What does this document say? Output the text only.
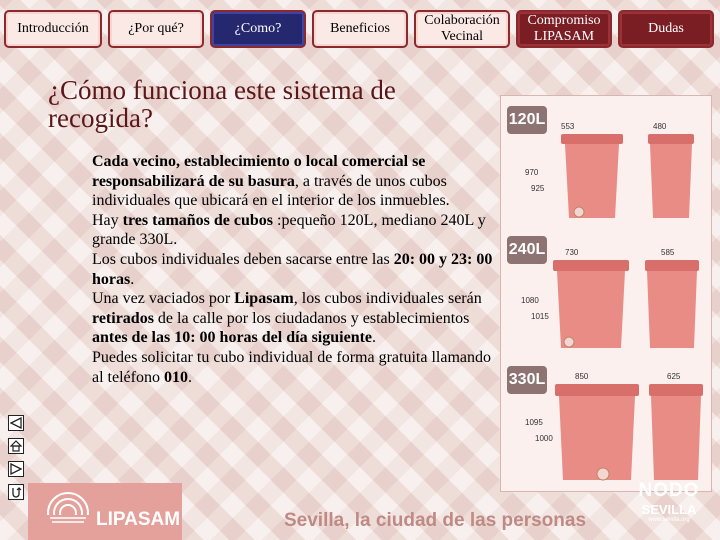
Introducción	¿Por qué?	¿Como?	Beneficios
Colaboración Vecinal
Compromiso LIPASAM
Dudas
¿Cómo funciona este sistema de recogida?

Cada vecino, establecimiento o local comercial se responsabilizará de su basura, a través de unos cubos individuales que ubicará en el interior de los inmuebles.

Hay tres tamaños de cubos :pequeño 120L, mediano 240L y grande 330L.

Los cubos individuales deben sacarse entre las 20: 00 y 23: 00 horas.

Una vez vaciados por Lipasam, los cubos individuales serán retirados de la calle por los ciudadanos y establecimientos antes de las 10: 00 horas del día siguiente.

Puedes solicitar tu cubo individual de forma gratuita llamando al teléfono 010.

120L 553	480
970
925
240L 730	585
1080
1015
330L	850	625
1095
1000
LIPASAM	Sevilla, la ciudad de las personas
NODO
SEVILLA
www.sevilla.org
